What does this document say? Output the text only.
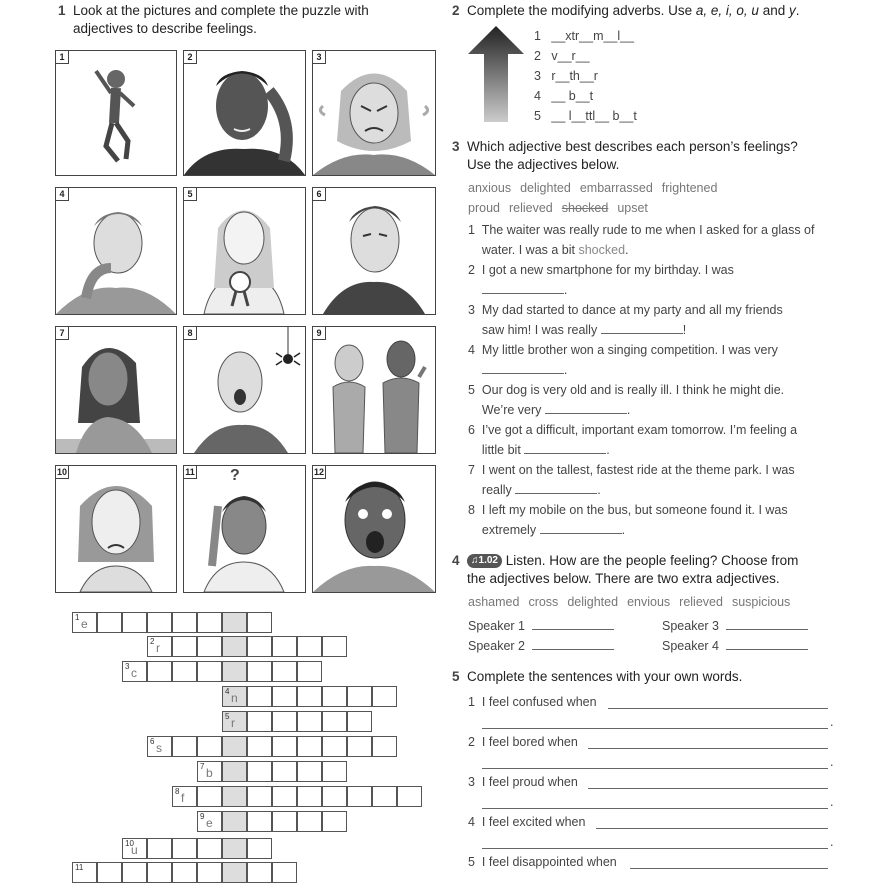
1 Look at the pictures and complete the puzzle with
adjectives to describe feelings.
1	2	3
4	5	6
7	8	9
10	11 ?	12
1 e
2 r
3 c
4 n
5 r
6 s
7 b
8 f
9 e
10
u
11
2 Complete the modifying adverbs. Use a, e, i, o, u and y.
1 __xtr__m__l__
2 v__r__
3 r__th__r
4 __ b__t
5 __ l__ttl__ b__t
3 Which adjective best describes each person’s feelings?
Use the adjectives below.
anxious delighted embarrassed frightened
proud relieved shocked upset
1 The waiter was really rude to me when I asked for a glass of
water. I was a bit shocked.
2 I got a new smartphone for my birthday. I was
.
3 My dad started to dance at my party and all my friends
saw him! I was really	!
4 My little brother won a singing competition. I was very
.
5 Our dog is very old and is really ill. I think he might die.
We’re very	.
6 I’ve got a difficult, important exam tomorrow. I’m feeling a
little bit	.
7 I went on the tallest, fastest ride at the theme park. I was
really	.
8 I left my mobile on the bus, but someone found it. I was
extremely	.
4 ♫1.02 Listen. How are the people feeling? Choose from
the adjectives below. There are two extra adjectives.
ashamed cross delighted envious relieved suspicious
Speaker 1
Speaker 2
Speaker 3
Speaker 4
5 Complete the sentences with your own words.
1 I feel confused when
.
2 I feel bored when
.
3 I feel proud when
.
4 I feel excited when
.
5 I feel disappointed when
